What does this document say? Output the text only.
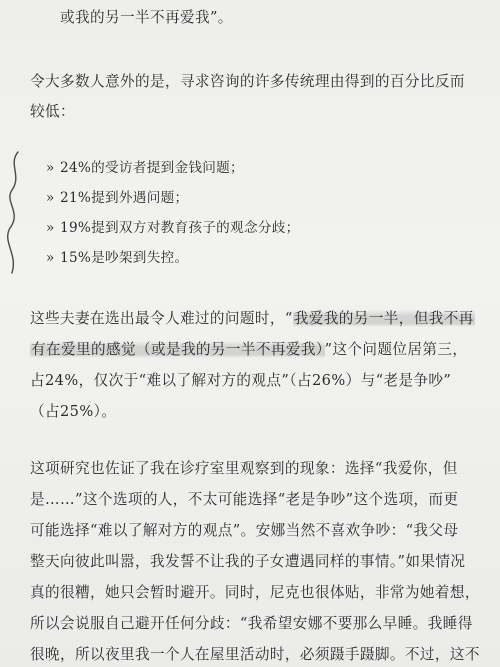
或我的另一半不再爱我”。
令大多数人意外的是，寻求咨询的许多传统理由得到的百分比反而
较低：
» 24%的受访者提到金钱问题；
» 21%提到外遇问题；
» 19%提到双方对教育孩子的观念分歧；
» 15%是吵架到失控。
这些夫妻在选出最令人难过的问题时，“我爱我的另一半，但我不再
有在爱里的感觉（或是我的另一半不再爱我）”这个问题位居第三，
占24%，仅次于“难以了解对方的观点”（占26%）与“老是争吵”
（占25%）。
这项研究也佐证了我在诊疗室里观察到的现象：选择“我爱你，但
是……”这个选项的人，不太可能选择“老是争吵”这个选项，而更
可能选择“难以了解对方的观点”。安娜当然不喜欢争吵：“我父母
整天向彼此叫嚣，我发誓不让我的子女遭遇同样的事情。”如果情况
真的很糟，她只会暂时避开。同时，尼克也很体贴，非常为她着想，
所以会说服自己避开任何分歧：“我希望安娜不要那么早睡。我睡得
很晚，所以夜里我一个人在屋里活动时，必须蹑手蹑脚。不过，这不
